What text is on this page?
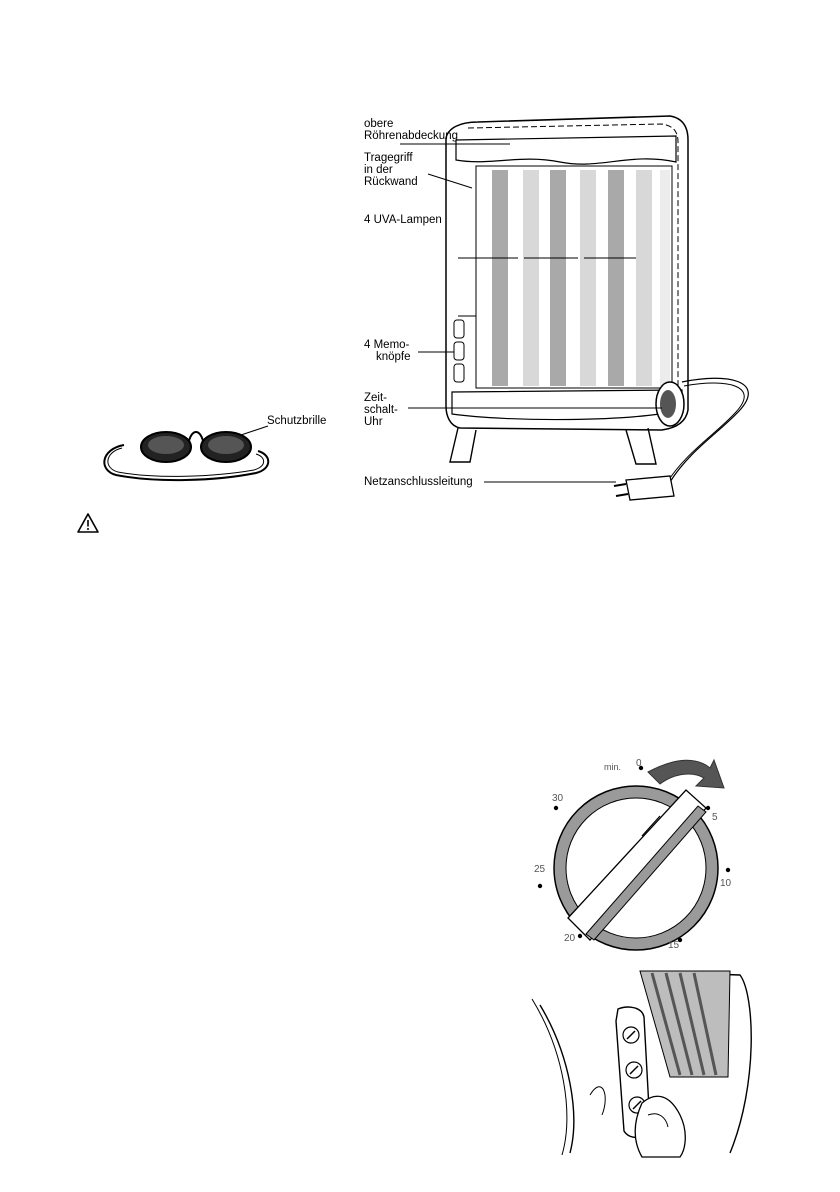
Schutzbrille
obere
Röhrenabdeckung
Tragegriff
in der
Rückwand
4 UVA-Lampen
4 Memo-
knöpfe
Zeit-
schalt-
Uhr
Netzanschlussleitung
min. 0
5
10
15
20
25
30
